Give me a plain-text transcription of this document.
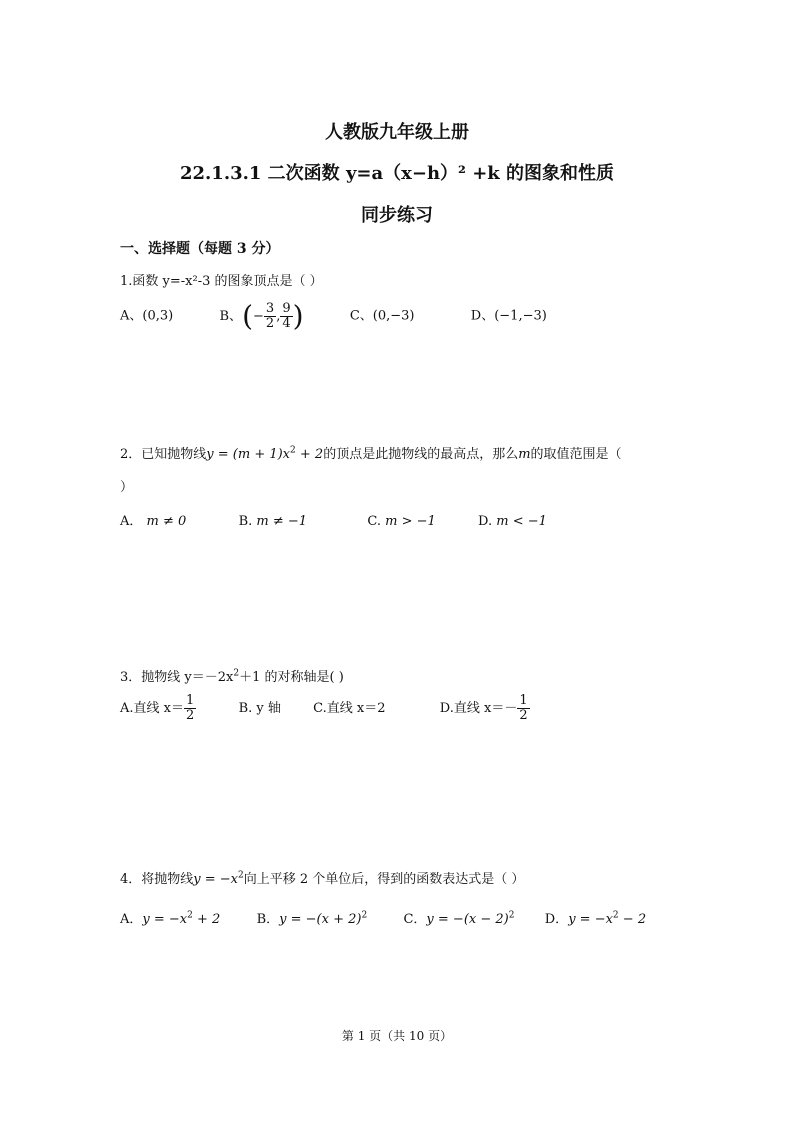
人教版九年级上册
22.1.3.1 二次函数 y=a（x−h）² +k 的图象和性质
同步练习
一、选择题（每题 3 分）
1.函数 y=-x²-3 的图象顶点是（ ）
A、(0,3)	B、(− $\frac{3}{2}$ , $\frac{9}{4}$ )	C、(0,−3)	D、(−1,−3)
2．已知抛物线$y = (m + 1)x^2 + 2$的顶点是此抛物线的最高点，那么m的取值范围是（
）
A． m ≠ 0	B. m ≠ −1	C. m > −1	D. m < −1
3．抛物线 $y=-2x^2+1$ 的对称轴是( )
A.直线 $x= \frac{1}{2}$	B. y 轴 C.直线 x＝2	D.直线 $x=- \frac{1}{2}$
4．将抛物线$y = -x^2$向上平移 2 个单位后，得到的函数表达式是（ ）
A．$y = -x^2 + 2$	B．$y = -(x + 2)^2$	C．$y = -(x - 2)^2$ D．$y = -x^2 - 2$
第 1 页（共 10 页）
